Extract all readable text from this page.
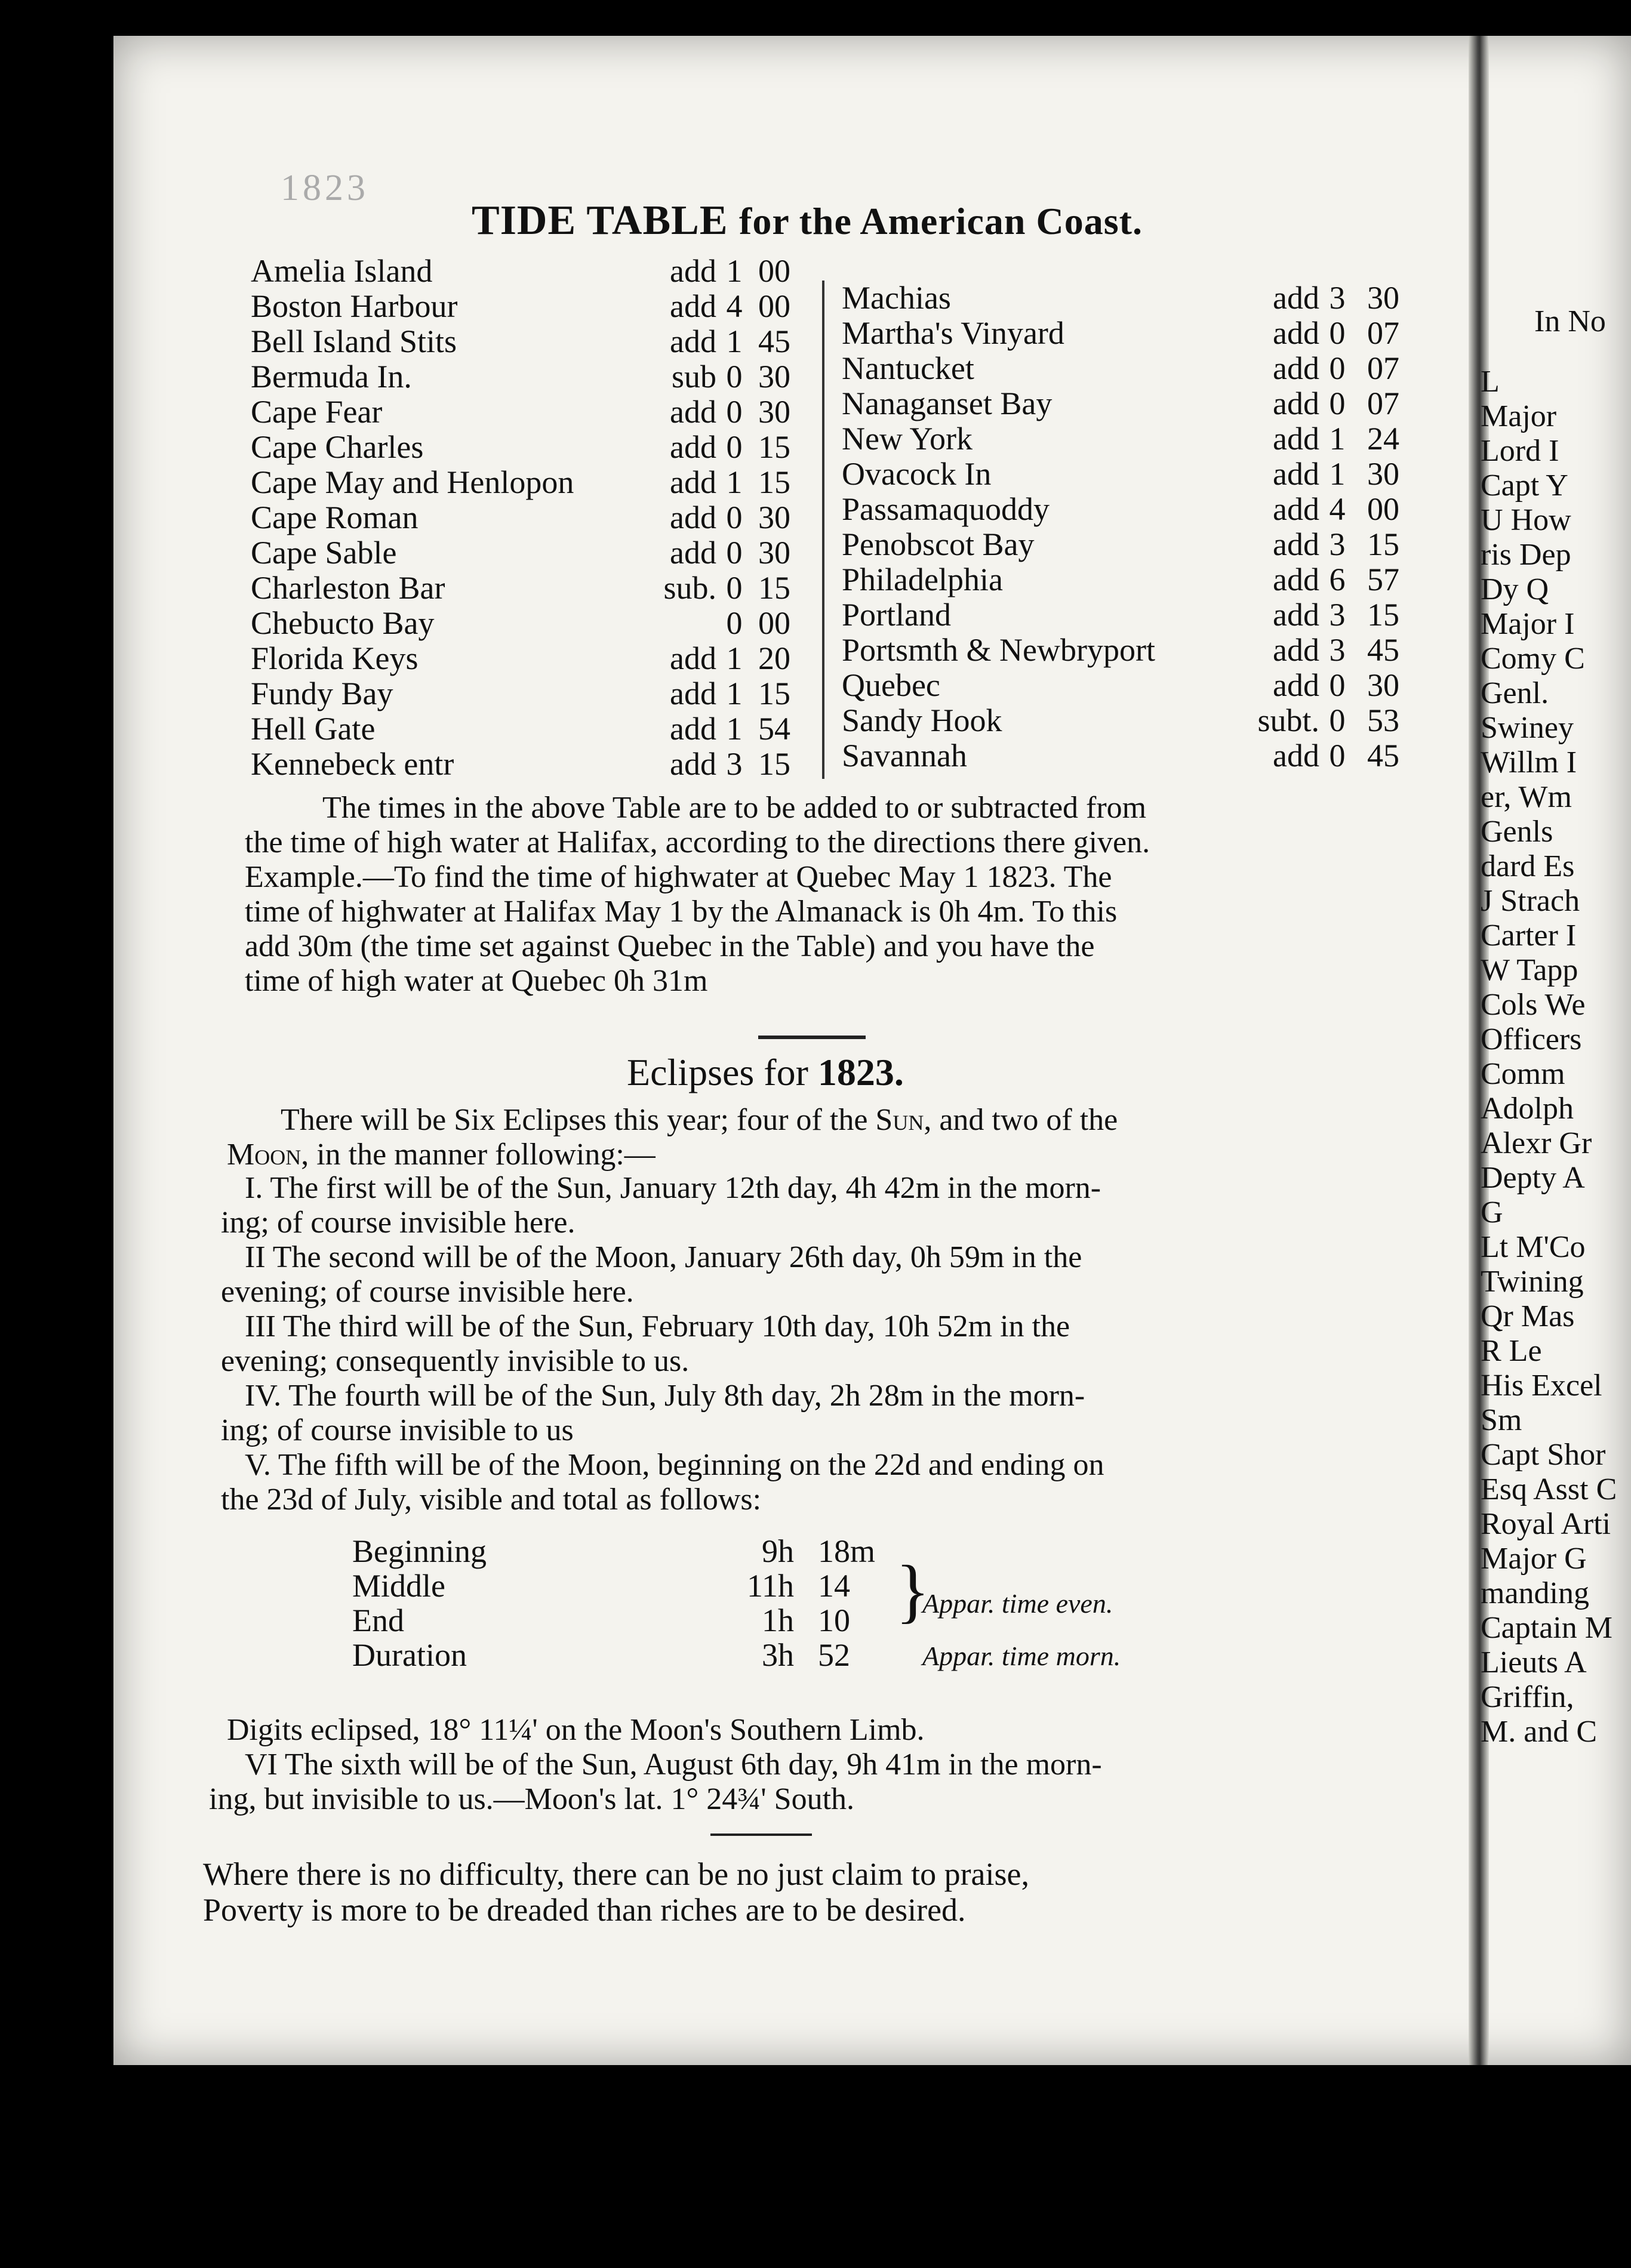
1823
TIDE TABLE for the American Coast.
Amelia Island	add 1 00
Boston Harbour	add 4 00
Bell Island Stits	add 1 45
Bermuda In.	sub 0 30
Cape Fear	add 0 30
Cape Charles	add 0 15
Cape May and Henlopon	add 1 15
Cape Roman	add 0 30
Cape Sable	add 0 30
Charleston Bar	sub. 0 15
Chebucto Bay	0 00
Florida Keys	add 1 20
Fundy Bay	add 1 15
Hell Gate	add 1 54
Kennebeck entr	add 3 15
Machias	add 3 30
Martha's Vinyard	add 0 07
Nantucket	add 0 07
Nanaganset Bay	add 0 07
New York	add 1 24
Ovacock In	add 1 30
Passamaquoddy	add 4 00
Penobscot Bay	add 3 15
Philadelphia	add 6 57
Portland	add 3 15
Portsmth & Newbryport	add 3 45
Quebec	add 0 30
Sandy Hook	subt. 0 53
Savannah	add 0 45
The times in the above Table are to be added to or subtracted from
the time of high water at Halifax, according to the directions there given.
Example.—To find the time of highwater at Quebec May 1 1823. The
time of highwater at Halifax May 1 by the Almanack is 0h 4m. To this
add 30m (the time set against Quebec in the Table) and you have the
time of high water at Quebec 0h 31m
Eclipses for 1823.
There will be Six Eclipses this year; four of the Sun, and two of the
Moon, in the manner following:—
I. The first will be of the Sun, January 12th day, 4h 42m in the morn-
ing; of course invisible here.
II The second will be of the Moon, January 26th day, 0h 59m in the
evening; of course invisible here.
III The third will be of the Sun, February 10th day, 10h 52m in the
evening; consequently invisible to us.
IV. The fourth will be of the Sun, July 8th day, 2h 28m in the morn-
ing; of course invisible to us
V. The fifth will be of the Moon, beginning on the 22d and ending on
the 23d of July, visible and total as follows:
Beginning	9h 18m
Middle	11h 14
End	1h 10
Duration	3h 52
}
Appar. time even.
Appar. time morn.
Digits eclipsed, 18° 11¼' on the Moon's Southern Limb.
VI The sixth will be of the Sun, August 6th day, 9h 41m in the morn-
ing, but invisible to us.—Moon's lat. 1° 24¾' South.
Where there is no difficulty, there can be no just claim to praise,
Poverty is more to be dreaded than riches are to be desired.
In No
L
Major
Lord I
Capt Y
U How
ris Dep
Dy Q
Major I
Comy C
Genl.
Swiney
Willm I
er, Wm
Genls
dard Es
J Strach
Carter I
W Tapp
Cols We
Officers
Comm
Adolph
Alexr Gr
Depty A
G
Lt M'Co
Twining
Qr Mas
R Le
His Excel
Sm
Capt Shor
Esq Asst C
Royal Arti
Major G
manding
Captain M
Lieuts A
Griffin,
M. and C
